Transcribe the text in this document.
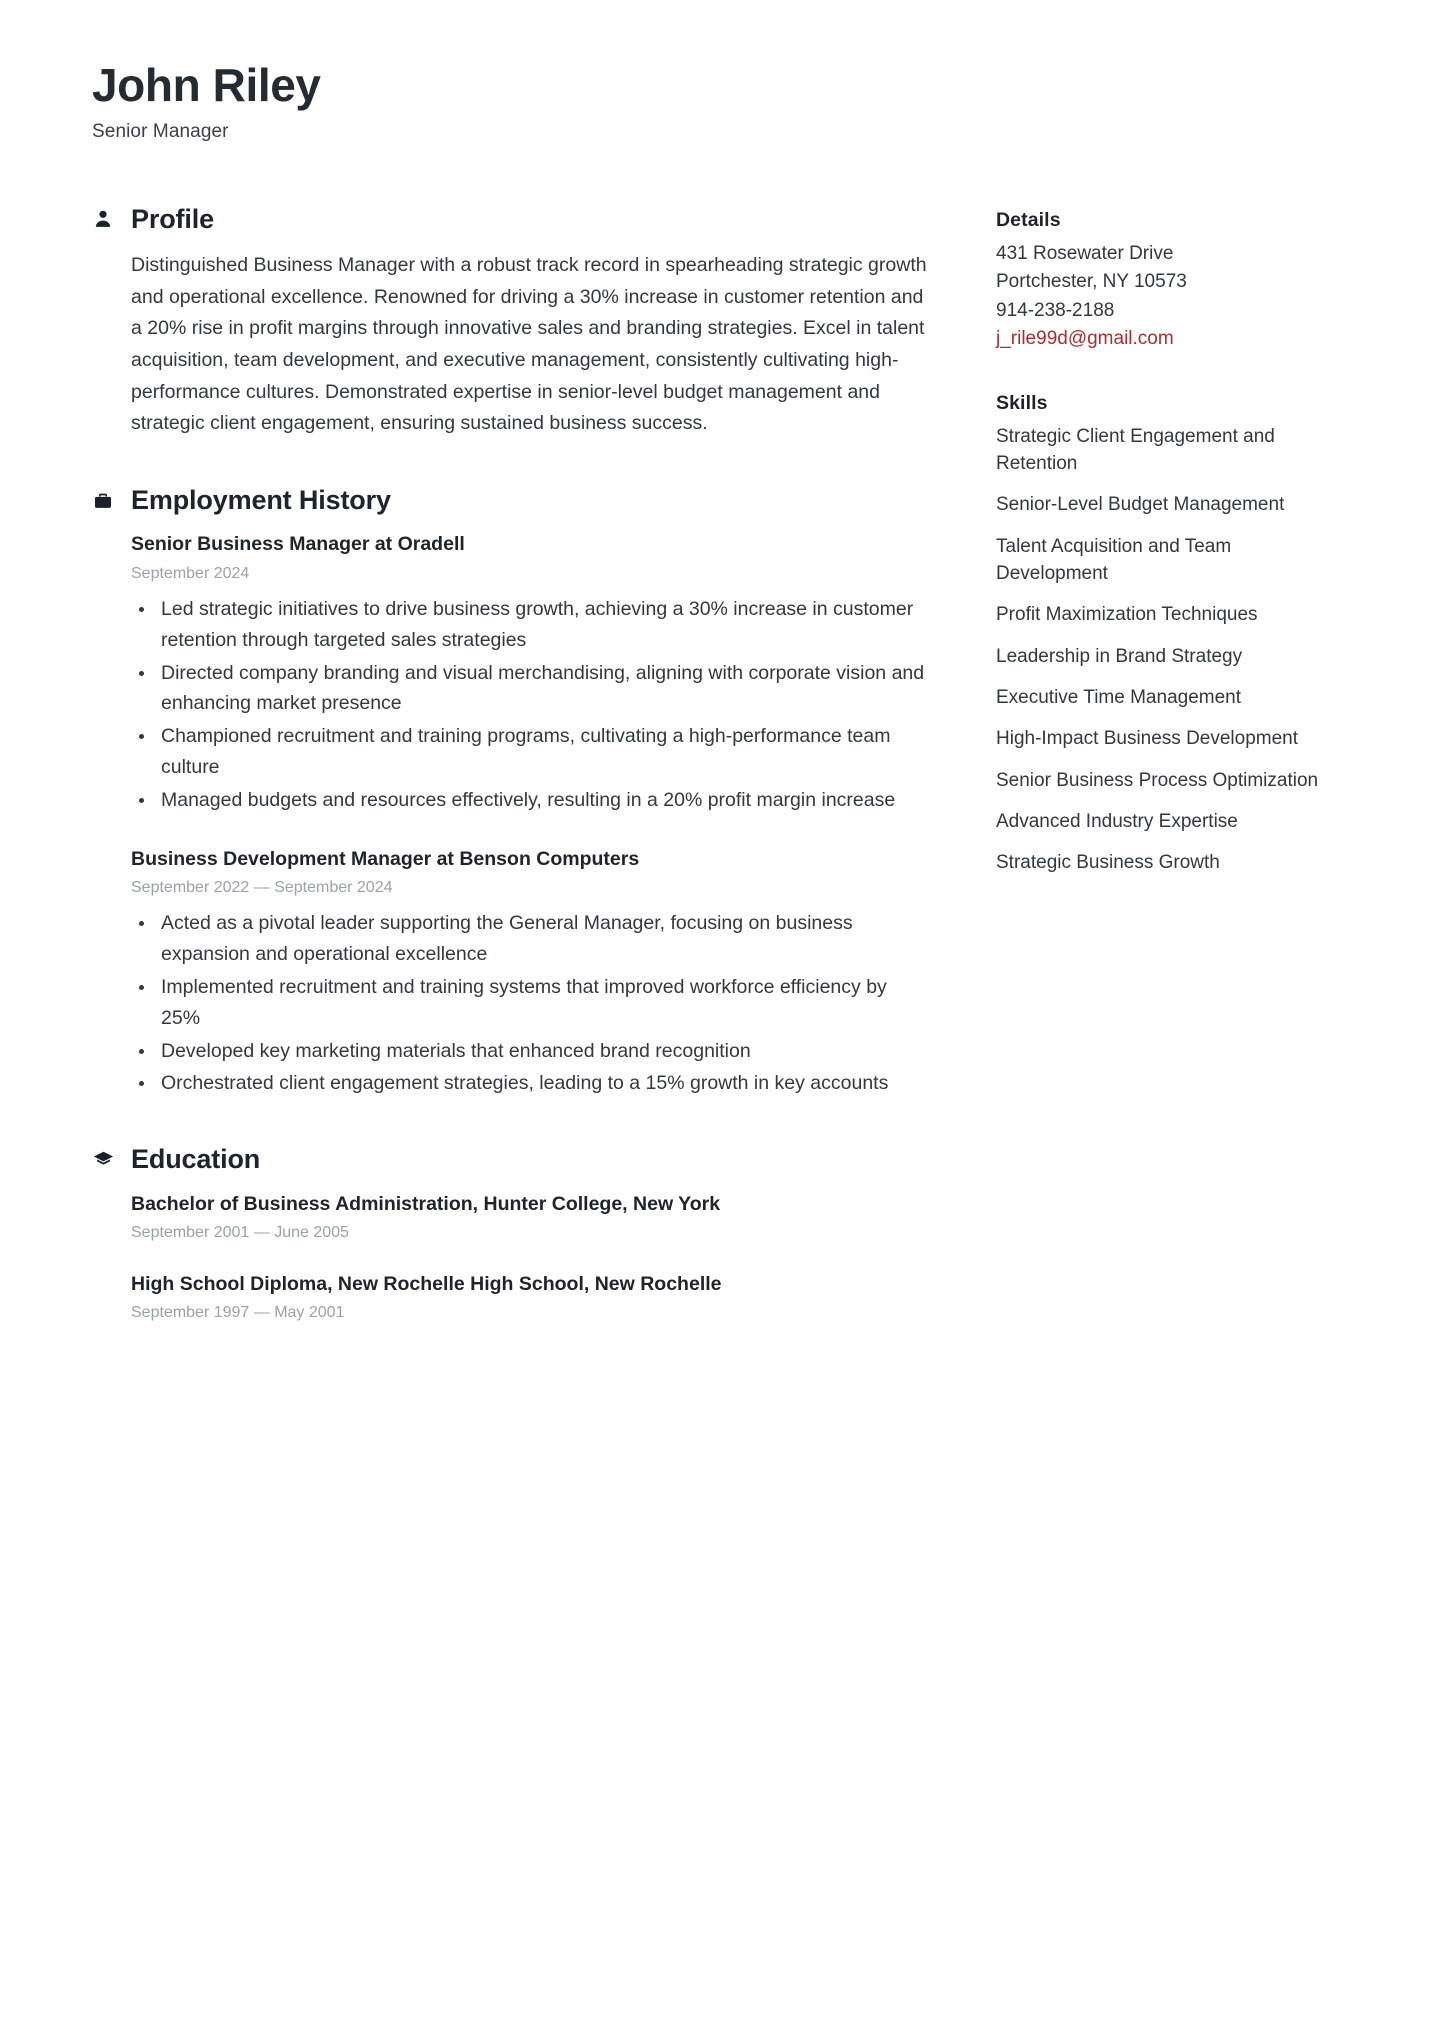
John Riley
Senior Manager
Profile

Distinguished Business Manager with a robust track record in spearheading strategic growth and operational excellence. Renowned for driving a 30% increase in customer retention and a 20% rise in profit margins through innovative sales and branding strategies. Excel in talent acquisition, team development, and executive management, consistently cultivating high-performance cultures. Demonstrated expertise in senior-level budget management and strategic client engagement, ensuring sustained business success.

Employment History
Senior Business Manager at Oradell
September 2024
Led strategic initiatives to drive business growth, achieving a 30% increase in customer retention through targeted sales strategies
Directed company branding and visual merchandising, aligning with corporate vision and enhancing market presence
Championed recruitment and training programs, cultivating a high-performance team culture
Managed budgets and resources effectively, resulting in a 20% profit margin increase
Business Development Manager at Benson Computers
September 2022 — September 2024
Acted as a pivotal leader supporting the General Manager, focusing on business expansion and operational excellence
Implemented recruitment and training systems that improved workforce efficiency by 25%
Developed key marketing materials that enhanced brand recognition
Orchestrated client engagement strategies, leading to a 15% growth in key accounts
Education
Bachelor of Business Administration, Hunter College, New York
September 2001 — June 2005
High School Diploma, New Rochelle High School, New Rochelle
September 1997 — May 2001
Details
431 Rosewater Drive
Portchester, NY 10573
914-238-2188
j_rile99d@gmail.com
Skills
Strategic Client Engagement and Retention
Senior-Level Budget Management
Talent Acquisition and Team Development
Profit Maximization Techniques
Leadership in Brand Strategy
Executive Time Management
High-Impact Business Development
Senior Business Process Optimization
Advanced Industry Expertise
Strategic Business Growth
